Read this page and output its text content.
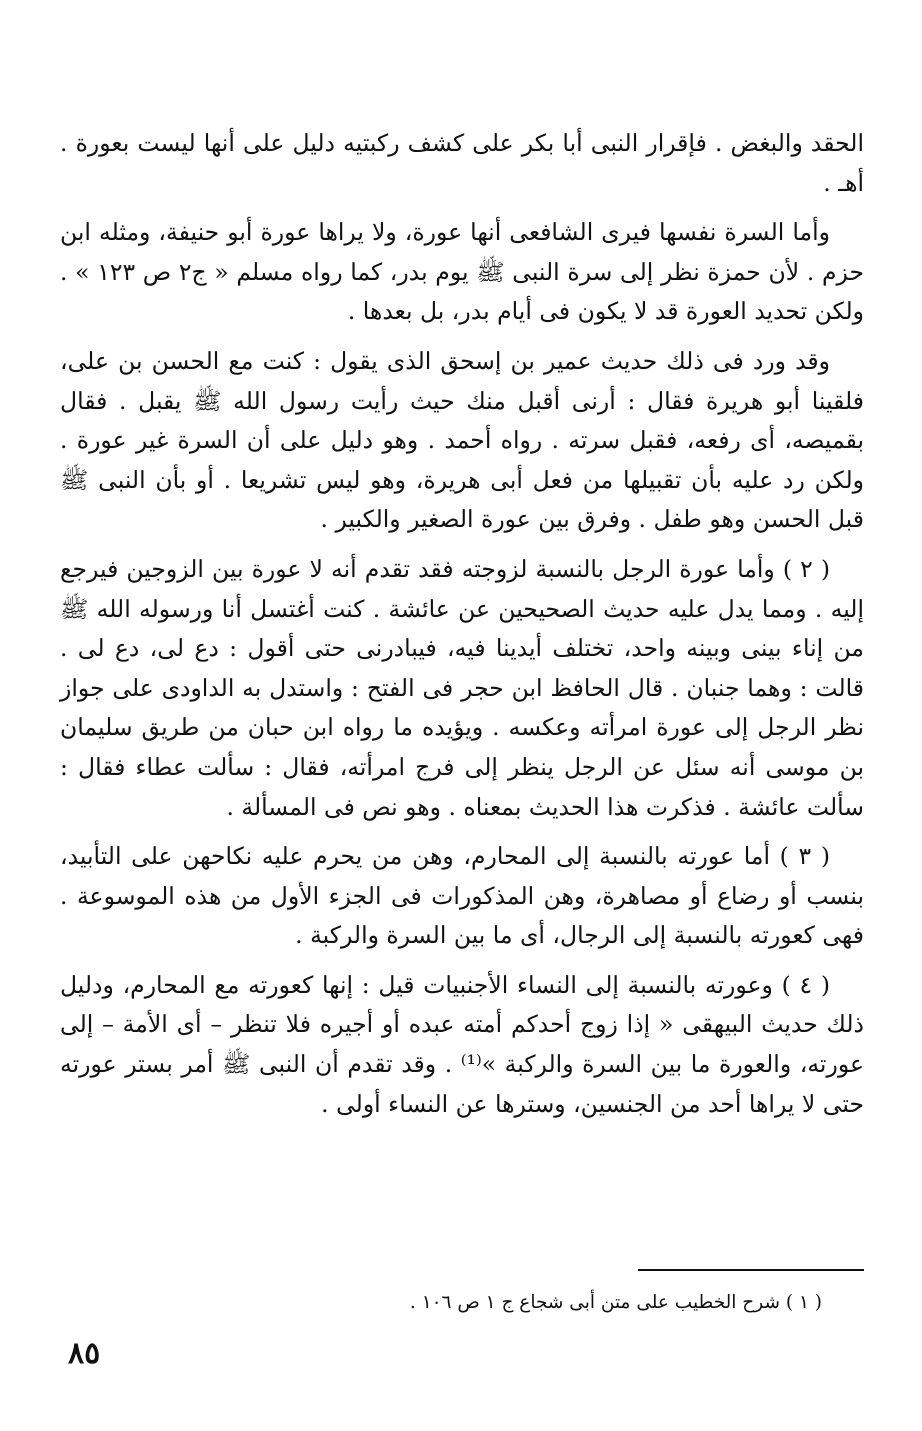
الحقد والبغض . فإقرار النبى أبا بكر على كشف ركبتيه دليل على أنها ليست بعورة . أهـ .

وأما السرة نفسها فيرى الشافعى أنها عورة، ولا يراها عورة أبو حنيفة، ومثله ابن حزم . لأن حمزة نظر إلى سرة النبى ﷺ يوم بدر، كما رواه مسلم « ج٢ ص ١٢٣ » . ولكن تحديد العورة قد لا يكون فى أيام بدر، بل بعدها .

وقد ورد فى ذلك حديث عمير بن إسحق الذى يقول : كنت مع الحسن بن على، فلقينا أبو هريرة فقال : أرنى أقبل منك حيث رأيت رسول الله ﷺ يقبل . فقال بقميصه، أى رفعه، فقبل سرته . رواه أحمد . وهو دليل على أن السرة غير عورة . ولكن رد عليه بأن تقبيلها من فعل أبى هريرة، وهو ليس تشريعا . أو بأن النبى ﷺ قبل الحسن وهو طفل . وفرق بين عورة الصغير والكبير .

( ٢ ) وأما عورة الرجل بالنسبة لزوجته فقد تقدم أنه لا عورة بين الزوجين فيرجع إليه . ومما يدل عليه حديث الصحيحين عن عائشة . كنت أغتسل أنا ورسوله الله ﷺ من إناء بينى وبينه واحد، تختلف أيدينا فيه، فيبادرنى حتى أقول : دع لى، دع لى . قالت : وهما جنبان . قال الحافظ ابن حجر فى الفتح : واستدل به الداودى على جواز نظر الرجل إلى عورة امرأته وعكسه . ويؤيده ما رواه ابن حبان من طريق سليمان بن موسى أنه سئل عن الرجل ينظر إلى فرج امرأته، فقال : سألت عطاء فقال : سألت عائشة . فذكرت هذا الحديث بمعناه . وهو نص فى المسألة .

( ٣ ) أما عورته بالنسبة إلى المحارم، وهن من يحرم عليه نكاحهن على التأبيد، بنسب أو رضاع أو مصاهرة، وهن المذكورات فى الجزء الأول من هذه الموسوعة . فهى كعورته بالنسبة إلى الرجال، أى ما بين السرة والركبة .

( ٤ ) وعورته بالنسبة إلى النساء الأجنبيات قيل : إنها كعورته مع المحارم، ودليل ذلك حديث البيهقى « إذا زوج أحدكم أمته عبده أو أجيره فلا تنظر – أى الأمة – إلى عورته، والعورة ما بين السرة والركبة »⁽¹⁾ . وقد تقدم أن النبى ﷺ أمر بستر عورته حتى لا يراها أحد من الجنسين، وسترها عن النساء أولى .

( ١ ) شرح الخطيب على متن أبى شجاع ج ١ ص ١٠٦ .
٨٥
